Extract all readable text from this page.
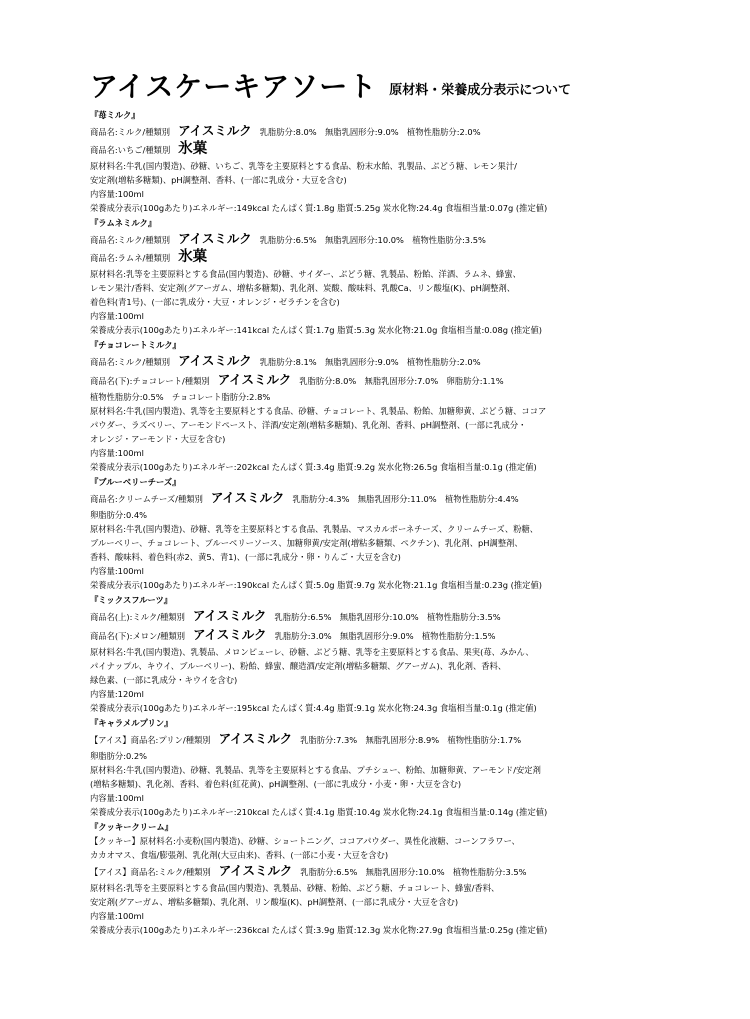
アイスケーキアソート 原材料・栄養成分表示について
『苺ミルク』
商品名:ミルク/種類別 アイスミルク 乳脂肪分:8.0%　無脂乳固形分:9.0%　植物性脂肪分:2.0%
商品名:いちご/種類別 氷菓
原材料名:牛乳(国内製造)、砂糖、いちご、乳等を主要原料とする食品、粉末水飴、乳製品、ぶどう糖、レモン果汁/
安定剤(増粘多糖類)、pH調整剤、香料、(一部に乳成分・大豆を含む)
内容量:100ml
栄養成分表示(100gあたり)エネルギー:149kcal たんぱく質:1.8g 脂質:5.25g 炭水化物:24.4g 食塩相当量:0.07g (推定値)
『ラムネミルク』
商品名:ミルク/種類別 アイスミルク 乳脂肪分:6.5%　無脂乳固形分:10.0%　植物性脂肪分:3.5%
商品名:ラムネ/種類別 氷菓
原材料名:乳等を主要原料とする食品(国内製造)、砂糖、サイダー、ぶどう糖、乳製品、粉飴、洋酒、ラムネ、蜂蜜、
レモン果汁/香料、安定剤(グアーガム、増粘多糖類)、乳化剤、炭酸、酸味料、乳酸Ca、リン酸塩(K)、pH調整剤、
着色料(青1号)、(一部に乳成分・大豆・オレンジ・ゼラチンを含む)
内容量:100ml
栄養成分表示(100gあたり)エネルギー:141kcal たんぱく質:1.7g 脂質:5.3g 炭水化物:21.0g 食塩相当量:0.08g (推定値)
『チョコレートミルク』
商品名:ミルク/種類別 アイスミルク 乳脂肪分:8.1%　無脂乳固形分:9.0%　植物性脂肪分:2.0%
商品名(下):チョコレート/種類別 アイスミルク 乳脂肪分:8.0%　無脂乳固形分:7.0%　卵脂肪分:1.1%
植物性脂肪分:0.5%　チョコレート脂肪分:2.8%
原材料名:牛乳(国内製造)、乳等を主要原料とする食品、砂糖、チョコレート、乳製品、粉飴、加糖卵黄、ぶどう糖、ココア
パウダー、ラズベリー、アーモンドペースト、洋酒/安定剤(増粘多糖類)、乳化剤、香料、pH調整剤、(一部に乳成分・
オレンジ・アーモンド・大豆を含む)
内容量:100ml
栄養成分表示(100gあたり)エネルギー:202kcal たんぱく質:3.4g 脂質:9.2g 炭水化物:26.5g 食塩相当量:0.1g (推定値)
『ブルーベリーチーズ』
商品名:クリームチーズ/種類別 アイスミルク 乳脂肪分:4.3%　無脂乳固形分:11.0%　植物性脂肪分:4.4%
卵脂肪分:0.4%
原材料名:牛乳(国内製造)、砂糖、乳等を主要原料とする食品、乳製品、マスカルポーネチーズ、クリームチーズ、粉糖、
ブルーベリー、チョコレート、ブルーベリーソース、加糖卵黄/安定剤(増粘多糖類、ペクチン)、乳化剤、pH調整剤、
香料、酸味料、着色料(赤2、黄5、青1)、(一部に乳成分・卵・りんご・大豆を含む)
内容量:100ml
栄養成分表示(100gあたり)エネルギー:190kcal たんぱく質:5.0g 脂質:9.7g 炭水化物:21.1g 食塩相当量:0.23g (推定値)
『ミックスフルーツ』
商品名(上):ミルク/種類別 アイスミルク 乳脂肪分:6.5%　無脂乳固形分:10.0%　植物性脂肪分:3.5%
商品名(下):メロン/種類別 アイスミルク 乳脂肪分:3.0%　無脂乳固形分:9.0%　植物性脂肪分:1.5%
原材料名:牛乳(国内製造)、乳製品、メロンピューレ、砂糖、ぶどう糖、乳等を主要原料とする食品、果実(苺、みかん、
パイナップル、キウイ、ブルーベリー)、粉飴、蜂蜜、醸造酒/安定剤(増粘多糖類、グアーガム)、乳化剤、香料、
緑色素、(一部に乳成分・キウイを含む)
内容量:120ml
栄養成分表示(100gあたり)エネルギー:195kcal たんぱく質:4.4g 脂質:9.1g 炭水化物:24.3g 食塩相当量:0.1g (推定値)
『キャラメルプリン』
【アイス】商品名:プリン/種類別 アイスミルク 乳脂肪分:7.3%　無脂乳固形分:8.9%　植物性脂肪分:1.7%
卵脂肪分:0.2%
原材料名:牛乳(国内製造)、砂糖、乳製品、乳等を主要原料とする食品、プチシュー、粉飴、加糖卵黄、アーモンド/安定剤
(増粘多糖類)、乳化剤、香料、着色料(紅花黄)、pH調整剤、(一部に乳成分・小麦・卵・大豆を含む)
内容量:100ml
栄養成分表示(100gあたり)エネルギー:210kcal たんぱく質:4.1g 脂質:10.4g 炭水化物:24.1g 食塩相当量:0.14g (推定値)
『クッキークリーム』
【クッキー】原材料名:小麦粉(国内製造)、砂糖、ショートニング、ココアパウダー、異性化液糖、コーンフラワー、
カカオマス、食塩/膨張剤、乳化剤(大豆由来)、香料、(一部に小麦・大豆を含む)
【アイス】商品名:ミルク/種類別 アイスミルク 乳脂肪分:6.5%　無脂乳固形分:10.0%　植物性脂肪分:3.5%
原材料名:乳等を主要原料とする食品(国内製造)、乳製品、砂糖、粉飴、ぶどう糖、チョコレート、蜂蜜/香料、
安定剤(グアーガム、増粘多糖類)、乳化剤、リン酸塩(K)、pH調整剤、(一部に乳成分・大豆を含む)
内容量:100ml
栄養成分表示(100gあたり)エネルギー:236kcal たんぱく質:3.9g 脂質:12.3g 炭水化物:27.9g 食塩相当量:0.25g (推定値)
